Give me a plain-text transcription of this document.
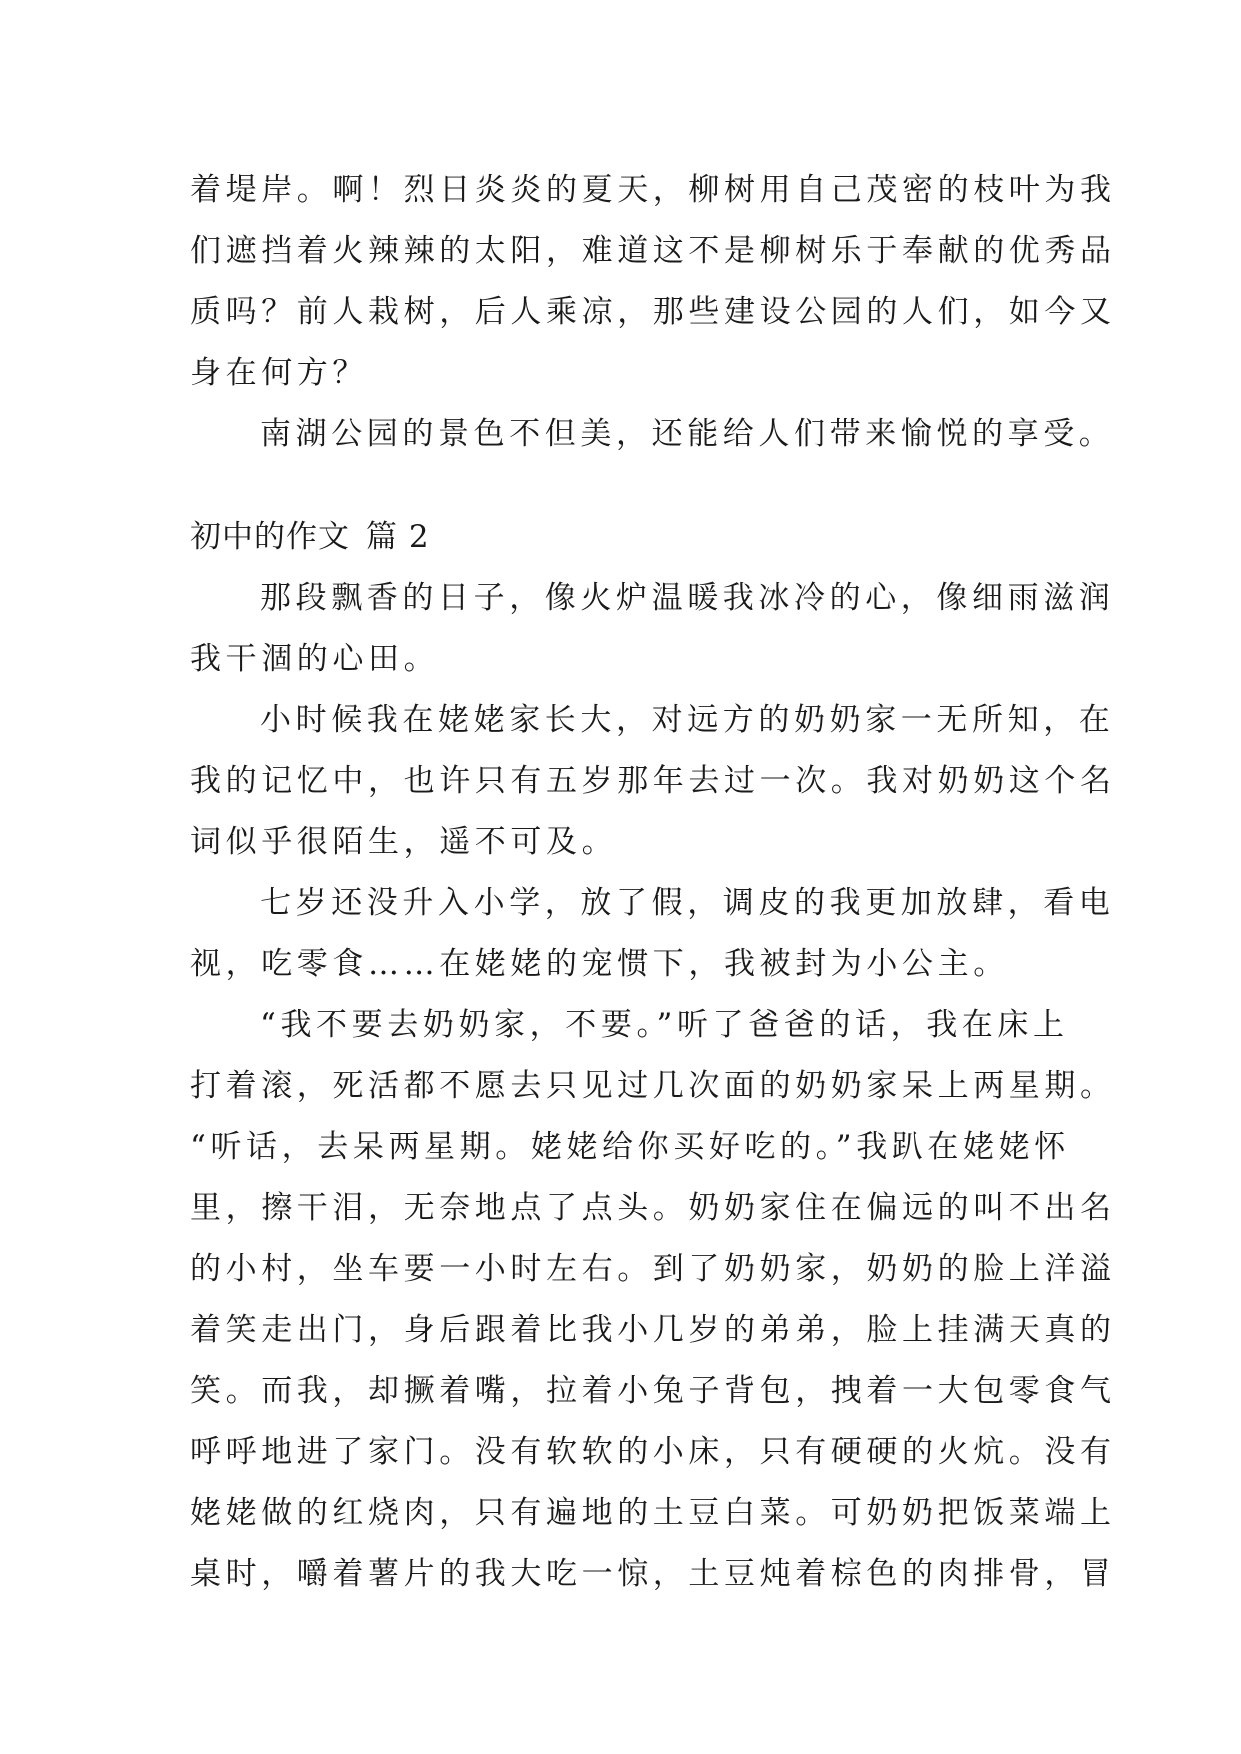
着堤岸。啊！烈日炎炎的夏天，柳树用自己茂密的枝叶为我
们遮挡着火辣辣的太阳，难道这不是柳树乐于奉献的优秀品
质吗？前人栽树，后人乘凉，那些建设公园的人们，如今又
身在何方？
南湖公园的景色不但美，还能给人们带来愉悦的享受。
初中的作文 篇 2
那段飘香的日子，像火炉温暖我冰冷的心，像细雨滋润
我干涸的心田。
小时候我在姥姥家长大，对远方的奶奶家一无所知，在
我的记忆中，也许只有五岁那年去过一次。我对奶奶这个名
词似乎很陌生，遥不可及。
七岁还没升入小学，放了假，调皮的我更加放肆，看电
视，吃零食……在姥姥的宠惯下，我被封为小公主。
“我不要去奶奶家，不要。”听了爸爸的话，我在床上
打着滚，死活都不愿去只见过几次面的奶奶家呆上两星期。
“听话，去呆两星期。姥姥给你买好吃的。”我趴在姥姥怀
里，擦干泪，无奈地点了点头。奶奶家住在偏远的叫不出名
的小村，坐车要一小时左右。到了奶奶家，奶奶的脸上洋溢
着笑走出门，身后跟着比我小几岁的弟弟，脸上挂满天真的
笑。而我，却撅着嘴，拉着小兔子背包，拽着一大包零食气
呼呼地进了家门。没有软软的小床，只有硬硬的火炕。没有
姥姥做的红烧肉，只有遍地的土豆白菜。可奶奶把饭菜端上
桌时，嚼着薯片的我大吃一惊，土豆炖着棕色的肉排骨，冒
